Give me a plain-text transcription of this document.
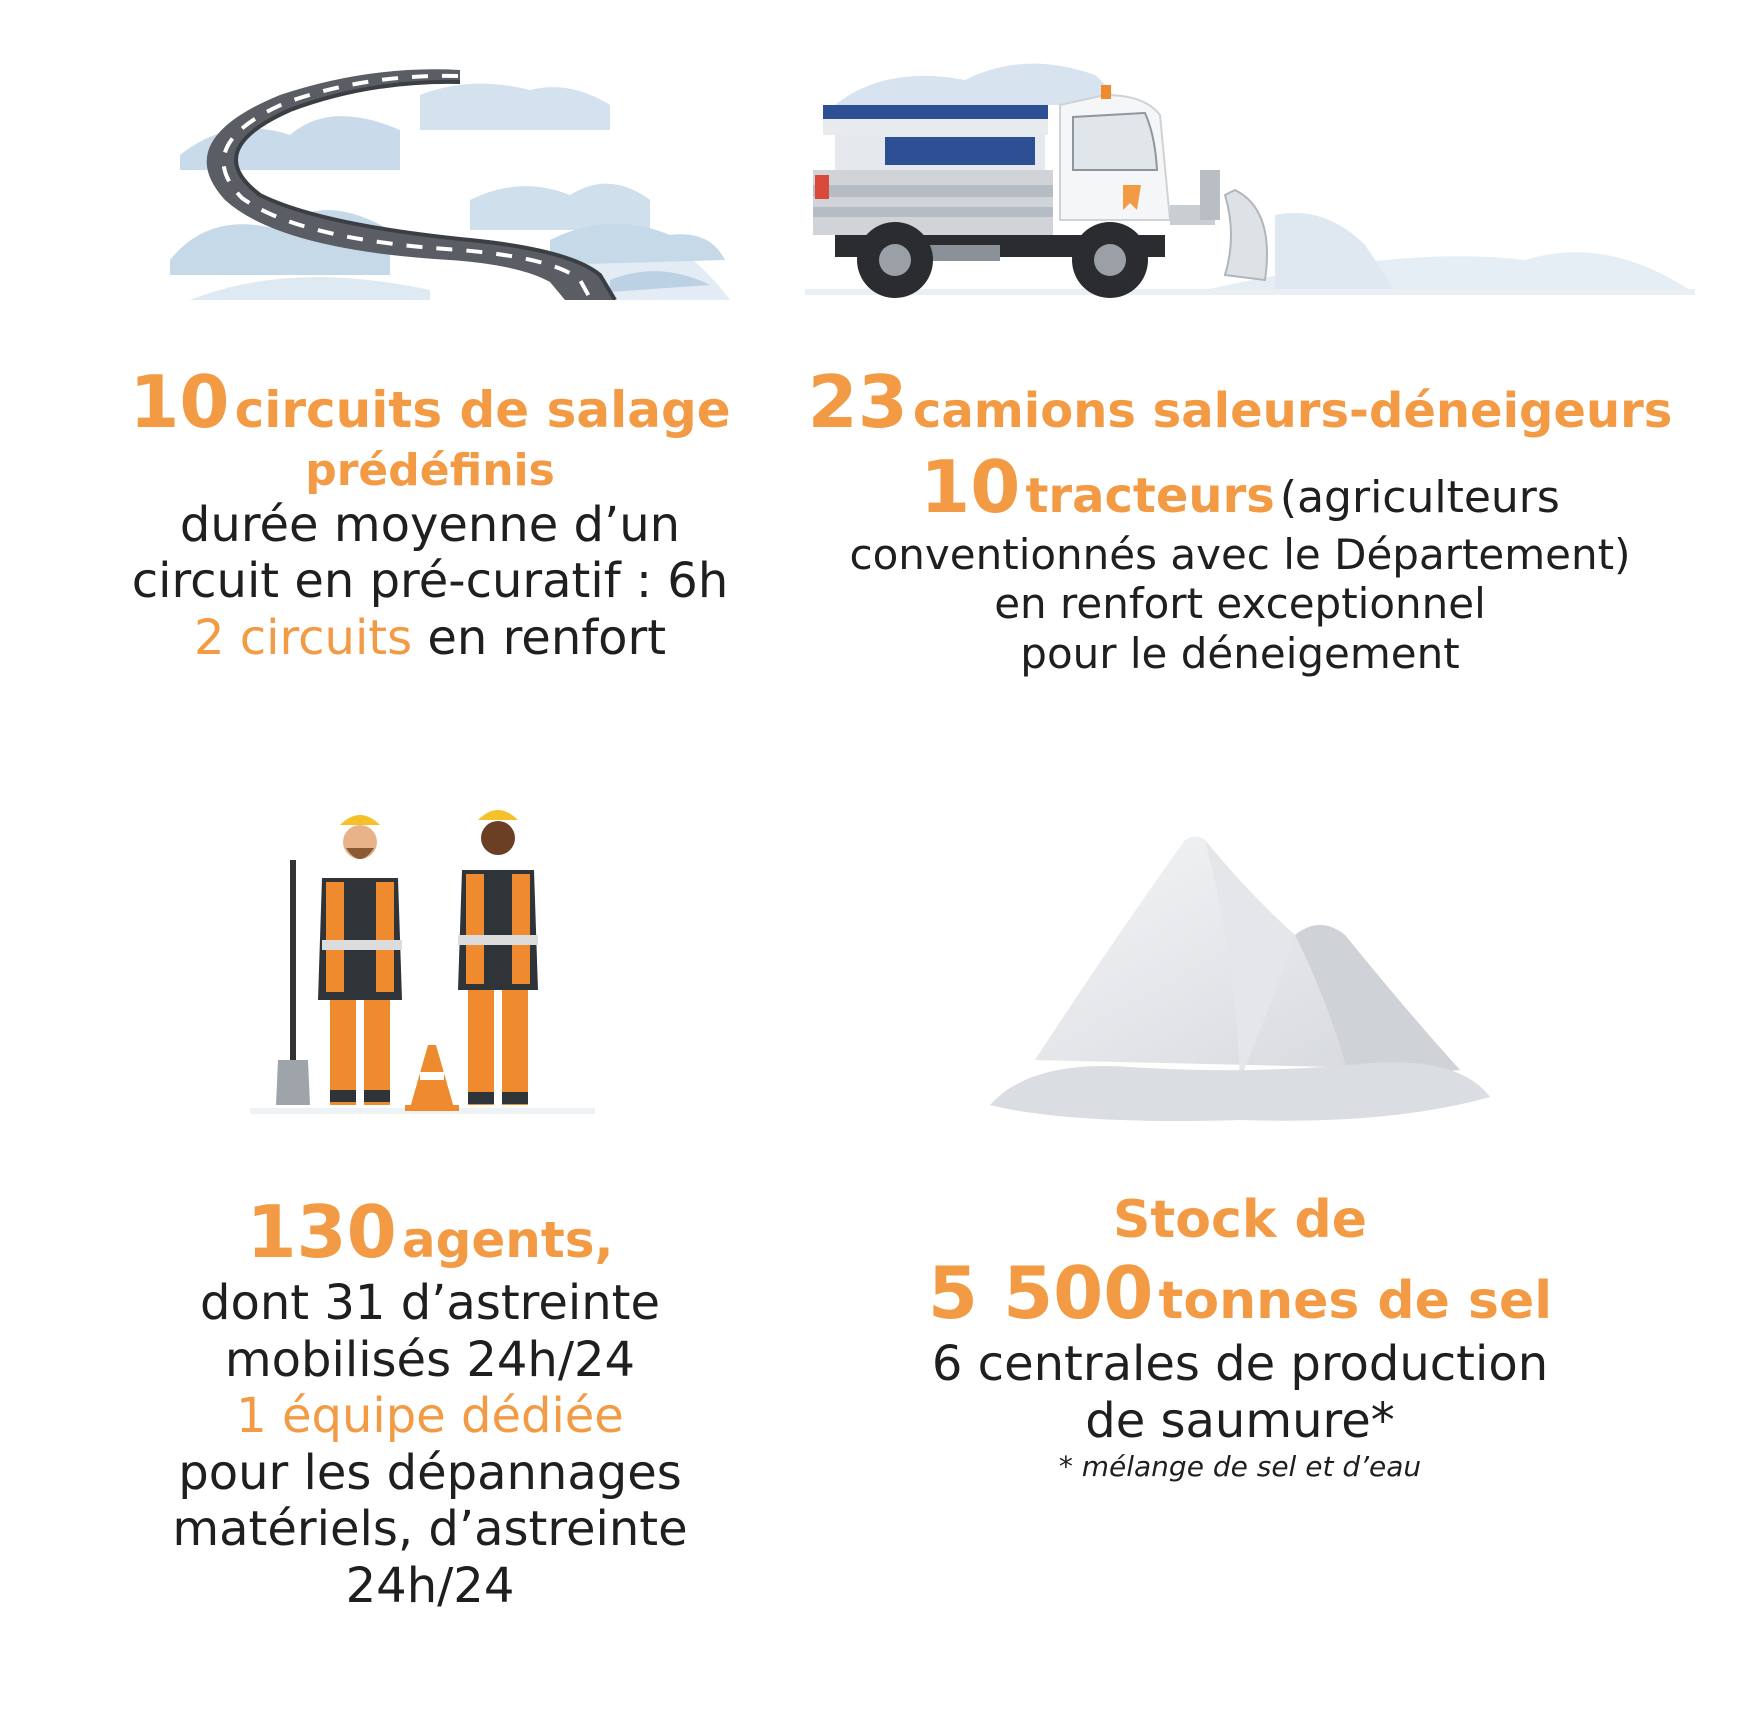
10 circuits de salage
prédéfinis
durée moyenne d’un
circuit en pré-curatif : 6h
2 circuits en renfort
23 camions saleurs-déneigeurs
10 tracteurs (agriculteurs
conventionnés avec le Département)
en renfort exceptionnel
pour le déneigement
130 agents,
dont 31 d’astreinte
mobilisés 24h/24
1 équipe dédiée
pour les dépannages
matériels, d’astreinte
24h/24
Stock de
5 500 tonnes de sel
6 centrales de production
de saumure*
* mélange de sel et d’eau
